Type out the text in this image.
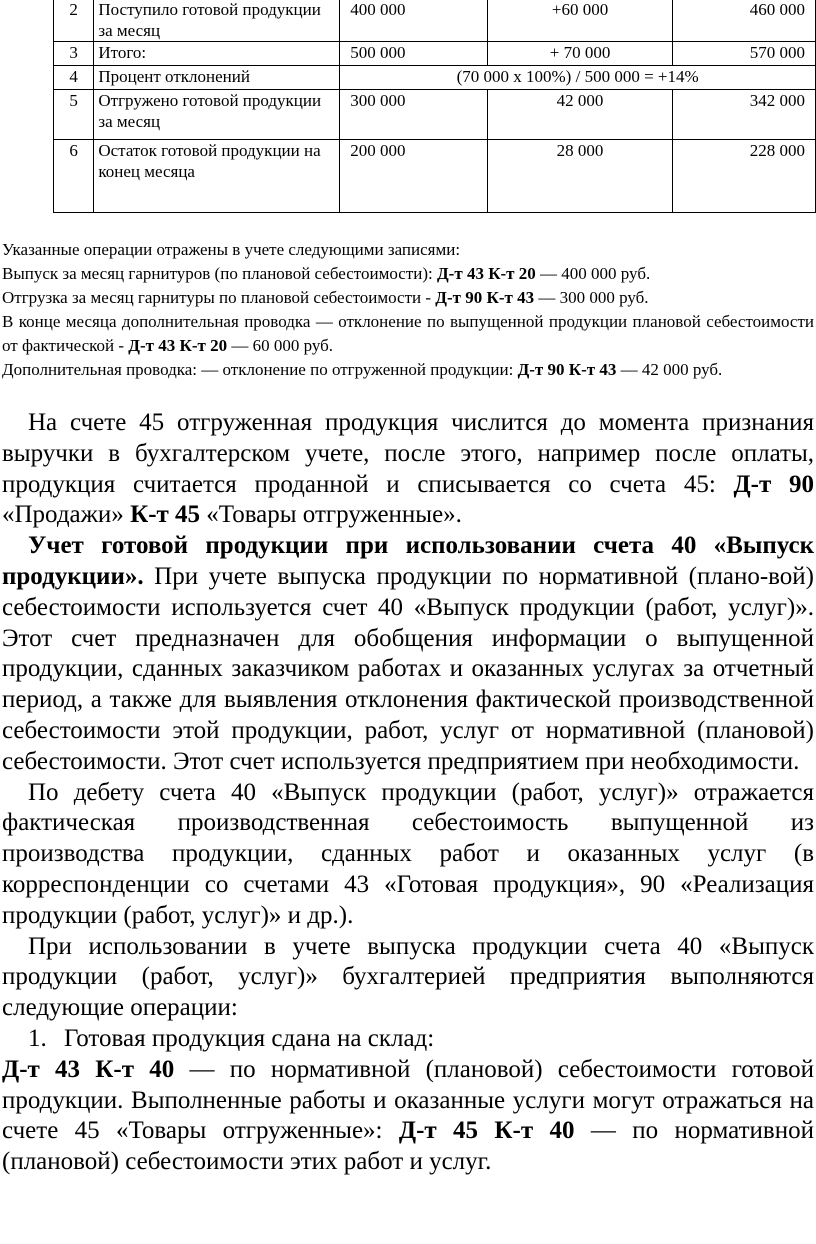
2	Поступило готовой продукции за месяц	400 000	+60 000	460 000
3	Итого:	500 000	+ 70 000	570 000
4	Процент отклонений	(70 000 х 100%) / 500 000 = +14%		
5	Отгружено готовой продукции за месяц	300 000	42 000	342 000
6	Остаток готовой продукции на конец месяца	200 000	28 000	228 000

Указанные операции отражены в учете следующими записями:

Выпуск за месяц гарнитуров (по плановой себестоимости): Д-т 43 К-т 20 — 400 000 руб.

Отгрузка за месяц гарнитуры по плановой себестоимости - Д-т 90 К-т 43 — 300 000 руб.

В конце месяца дополнительная проводка — отклонение по выпущенной продукции плановой себестоимости от фактической - Д-т 43 К-т 20 — 60 000 руб.

Дополнительная проводка: — отклонение по отгруженной продукции: Д-т 90 К-т 43 — 42 000 руб.

На счете 45 отгруженная продукция числится до момента признания выручки в бухгалтерском учете, после этого, например после оплаты, продукция считается проданной и списывается со счета 45: Д-т 90 «Продажи» К-т 45 «Товары отгруженные».

Учет готовой продукции при использовании счета 40 «Выпуск продукции». При учете выпуска продукции по нормативной (плано-вой) себестоимости используется счет 40 «Выпуск продукции (работ, услуг)». Этот счет предназначен для обобщения информации о выпущенной продукции, сданных заказчиком работах и оказанных услугах за отчетный период, а также для выявления отклонения фактической производственной себестоимости этой продукции, работ, услуг от нормативной (плановой) себестоимости. Этот счет используется предприятием при необходимости.

По дебету счета 40 «Выпуск продукции (работ, услуг)» отражается фактическая производственная себестоимость выпущенной из производства продукции, сданных работ и оказанных услуг (в корреспонденции со счетами 43 «Готовая продукция», 90 «Реализация продукции (работ, услуг)» и др.).

При использовании в учете выпуска продукции счета 40 «Выпуск продукции (работ, услуг)» бухгалтерией предприятия выполняются следующие операции:

1. Готовая продукция сдана на склад:

Д-т 43 К-т 40 — по нормативной (плановой) себестоимости готовой продукции. Выполненные работы и оказанные услуги могут отражаться на счете 45 «Товары отгруженные»: Д-т 45 К-т 40 — по нормативной (плановой) себестоимости этих работ и услуг.
